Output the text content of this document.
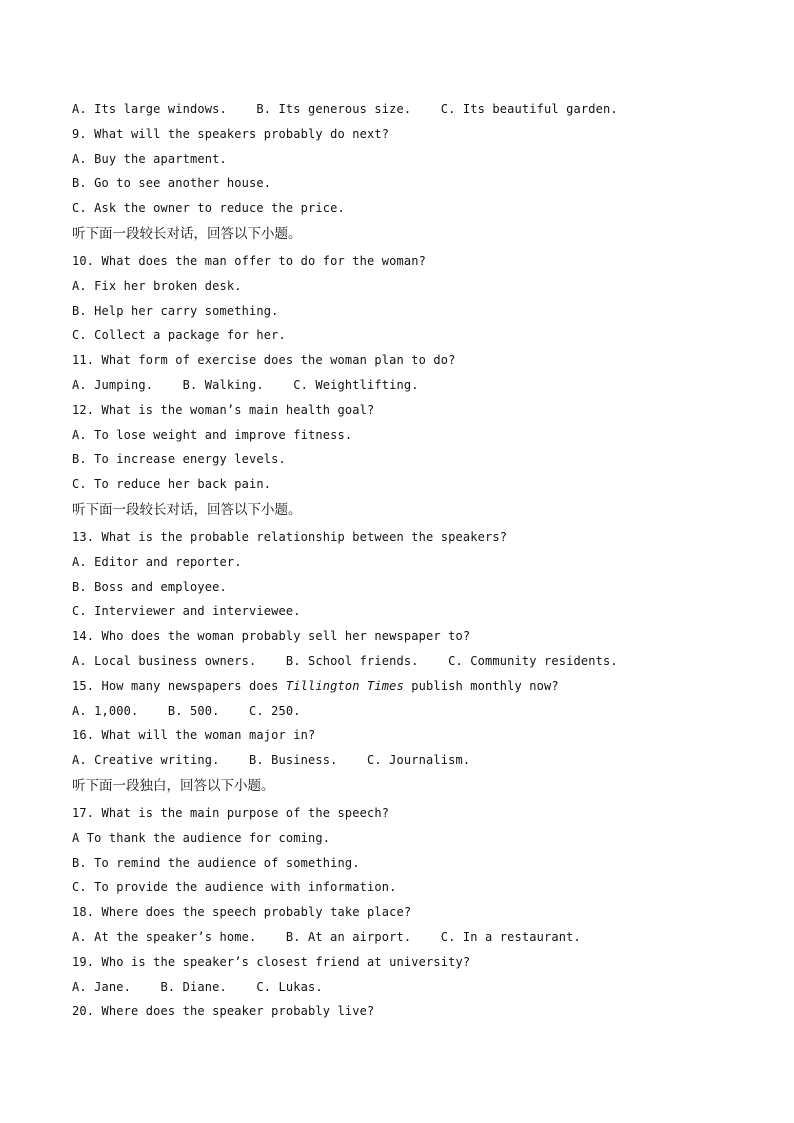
A. Its large windows.    B. Its generous size.    C. Its beautiful garden.
9. What will the speakers probably do next?
A. Buy the apartment.
B. Go to see another house.
C. Ask the owner to reduce the price.
听下面一段较长对话，回答以下小题。
10. What does the man offer to do for the woman?
A. Fix her broken desk.
B. Help her carry something.
C. Collect a package for her.
11. What form of exercise does the woman plan to do?
A. Jumping.    B. Walking.    C. Weightlifting.
12. What is the woman’s main health goal?
A. To lose weight and improve fitness.
B. To increase energy levels.
C. To reduce her back pain.
听下面一段较长对话，回答以下小题。
13. What is the probable relationship between the speakers?
A. Editor and reporter.
B. Boss and employee.
C. Interviewer and interviewee.
14. Who does the woman probably sell her newspaper to?
A. Local business owners.    B. School friends.    C. Community residents.
15. How many newspapers does Tillington Times publish monthly now?
A. 1,000.    B. 500.    C. 250.
16. What will the woman major in?
A. Creative writing.    B. Business.    C. Journalism.
听下面一段独白，回答以下小题。
17. What is the main purpose of the speech?
A To thank the audience for coming.
B. To remind the audience of something.
C. To provide the audience with information.
18. Where does the speech probably take place?
A. At the speaker’s home.    B. At an airport.    C. In a restaurant.
19. Who is the speaker’s closest friend at university?
A. Jane.    B. Diane.    C. Lukas.
20. Where does the speaker probably live?
